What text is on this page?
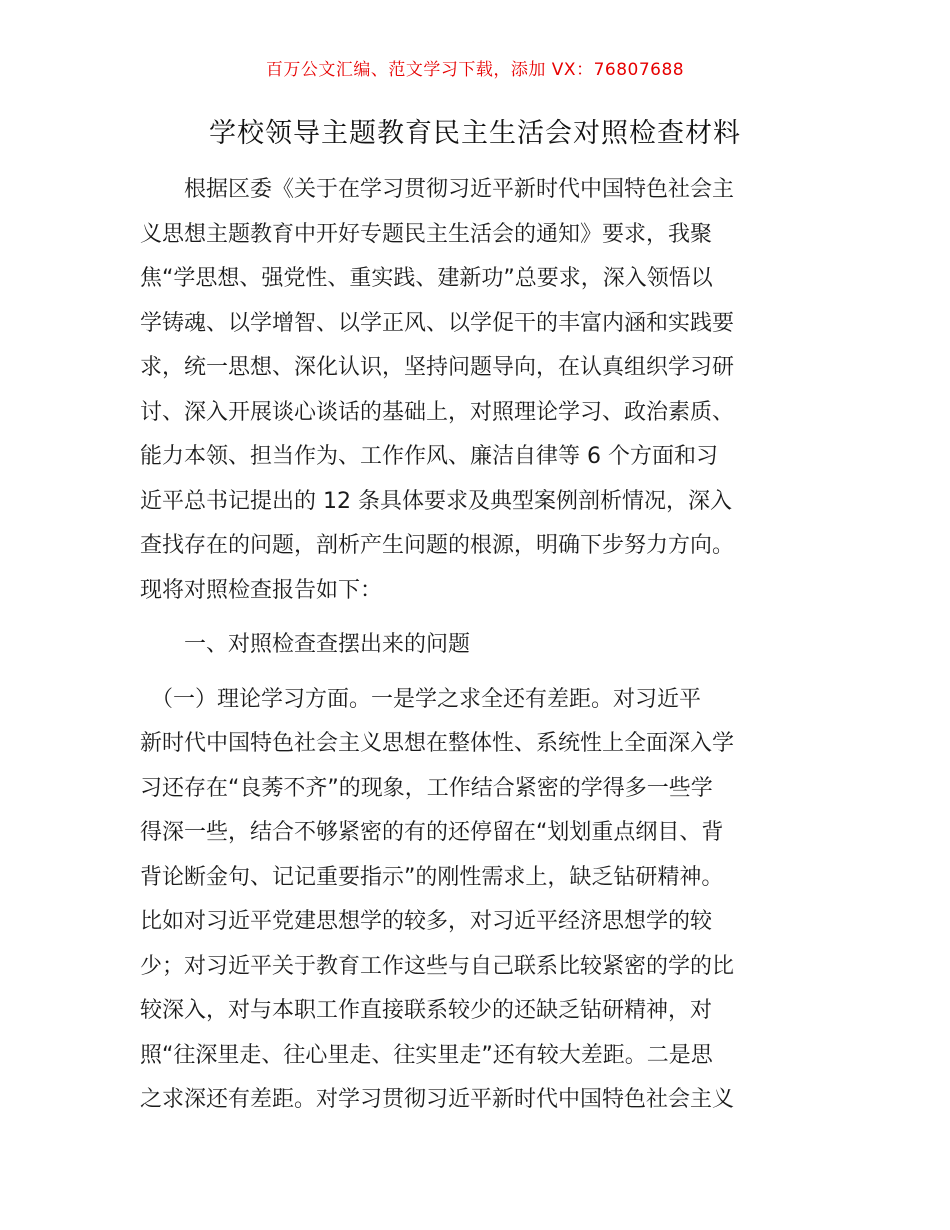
百万公文汇编、范文学习下载，添加 VX：76807688
学校领导主题教育民主生活会对照检查材料
　　根据区委《关于在学习贯彻习近平新时代中国特色社会主
义思想主题教育中开好专题民主生活会的通知》要求，我聚
焦“学思想、强党性、重实践、建新功”总要求，深入领悟以
学铸魂、以学增智、以学正风、以学促干的丰富内涵和实践要
求，统一思想、深化认识，坚持问题导向，在认真组织学习研
讨、深入开展谈心谈话的基础上，对照理论学习、政治素质、
能力本领、担当作为、工作作风、廉洁自律等 6 个方面和习
近平总书记提出的 12 条具体要求及典型案例剖析情况，深入
查找存在的问题，剖析产生问题的根源，明确下步努力方向。
现将对照检查报告如下：
　　一、对照检查查摆出来的问题
　（一）理论学习方面。一是学之求全还有差距。对习近平
新时代中国特色社会主义思想在整体性、系统性上全面深入学
习还存在“良莠不齐”的现象，工作结合紧密的学得多一些学
得深一些，结合不够紧密的有的还停留在“划划重点纲目、背
背论断金句、记记重要指示”的刚性需求上，缺乏钻研精神。
比如对习近平党建思想学的较多，对习近平经济思想学的较
少；对习近平关于教育工作这些与自己联系比较紧密的学的比
较深入，对与本职工作直接联系较少的还缺乏钻研精神，对
照“往深里走、往心里走、往实里走”还有较大差距。二是思
之求深还有差距。对学习贯彻习近平新时代中国特色社会主义
